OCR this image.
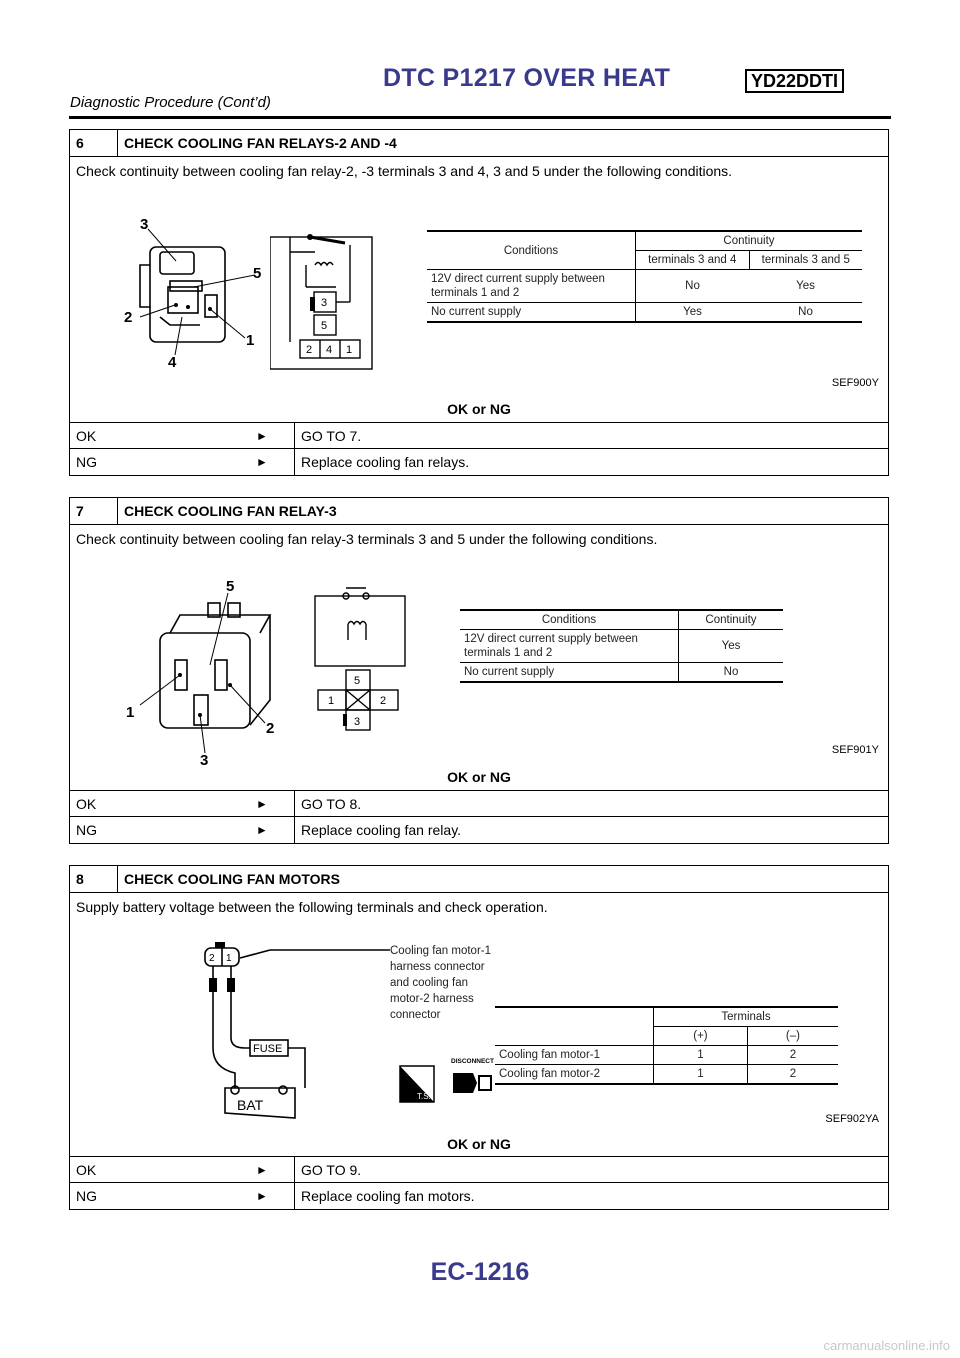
DTC P1217 OVER HEAT	YD22DDTI
Diagnostic Procedure (Cont’d)
6	CHECK COOLING FAN RELAYS-2 AND -4
Check continuity between cooling fan relay-2, -3 terminals 3 and 4, 3 and 5 under the following conditions.
3
5
2
1
4
3
5
2 4 1
Conditions	Continuity	
	terminals 3 and 4	terminals 3 and 5
12V direct current supply between
terminals 1 and 2	No	Yes
No current supply	Yes	No
SEF900Y
OK or NG
OK	►	GO TO 7.
NG	►	Replace cooling fan relays.
7	CHECK COOLING FAN RELAY-3
Check continuity between cooling fan relay-3 terminals 3 and 5 under the following conditions.
5
1
2
3
5
1	2
3
Conditions	Continuity
12V direct current supply between
terminals 1 and 2	Yes
No current supply	No
SEF901Y
OK or NG
OK	►	GO TO 8.
NG	►	Replace cooling fan relay.
8	CHECK COOLING FAN MOTORS
Supply battery voltage between the following terminals and check operation.
2 1
FUSE
BAT
Cooling fan motor-1
harness connector
and cooling fan
motor-2 harness
connector
T.S.
DISCONNECT
	Terminals	
	(+)	(–)
Cooling fan motor-1	1	2
Cooling fan motor-2	1	2
SEF902YA
OK or NG
OK	►	GO TO 9.
NG	►	Replace cooling fan motors.
EC-1216
carmanualsonline.info
